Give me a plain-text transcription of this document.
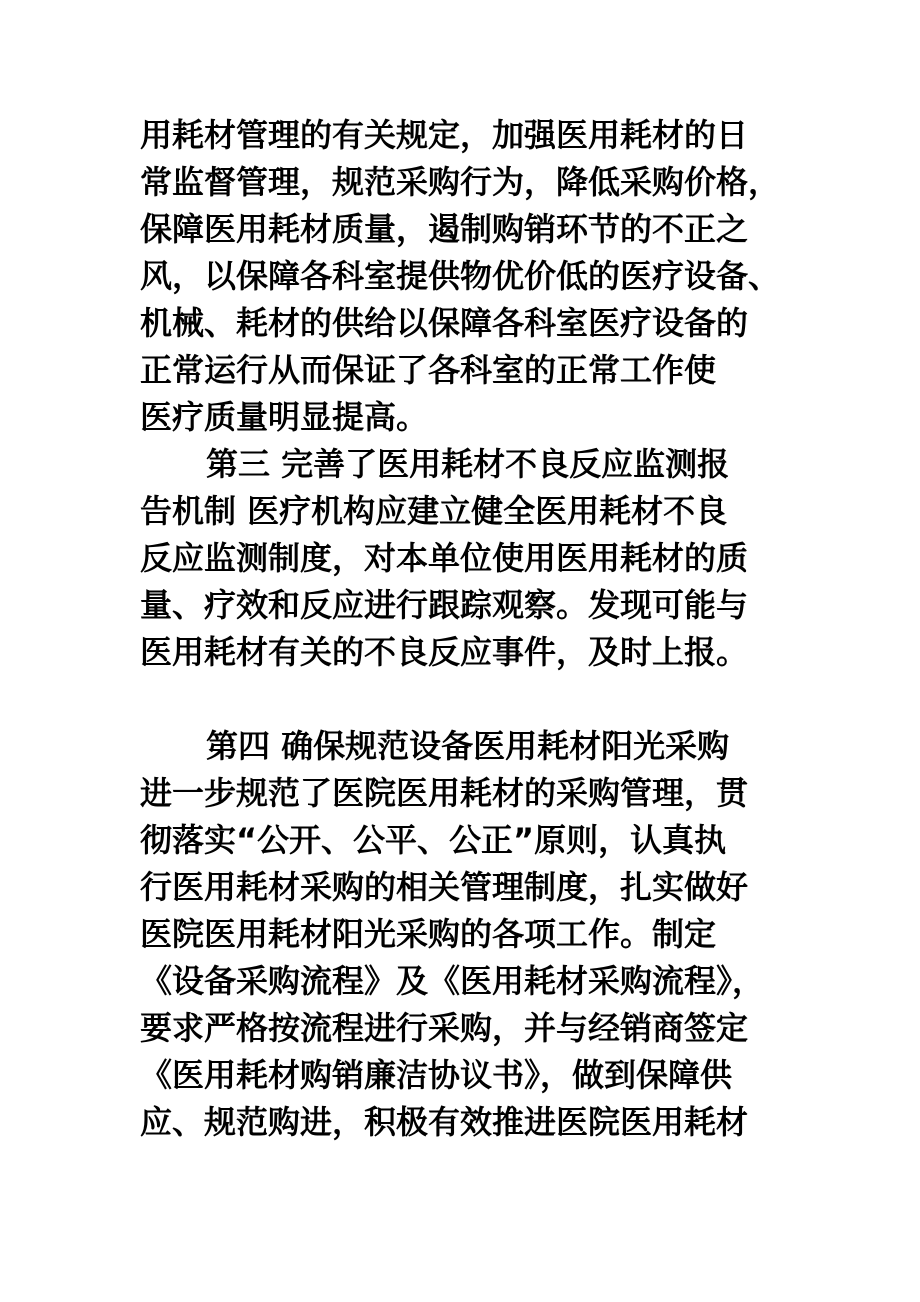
用耗材管理的有关规定，加强医用耗材的日
常监督管理，规范采购行为，降低采购价格，
保障医用耗材质量，遏制购销环节的不正之
风，以保障各科室提供物优价低的医疗设备、
机械、耗材的供给以保障各科室医疗设备的
正常运行从而保证了各科室的正常工作使
医疗质量明显提高。
第三 完善了医用耗材不良反应监测报
告机制 医疗机构应建立健全医用耗材不良
反应监测制度，对本单位使用医用耗材的质
量、疗效和反应进行跟踪观察。发现可能与
医用耗材有关的不良反应事件，及时上报。
第四 确保规范设备医用耗材阳光采购
进一步规范了医院医用耗材的采购管理，贯
彻落实“公开、公平、公正”原则，认真执
行医用耗材采购的相关管理制度，扎实做好
医院医用耗材阳光采购的各项工作。制定
《设备采购流程》及《医用耗材采购流程》，
要求严格按流程进行采购，并与经销商签定
《医用耗材购销廉洁协议书》，做到保障供
应、规范购进，积极有效推进医院医用耗材
